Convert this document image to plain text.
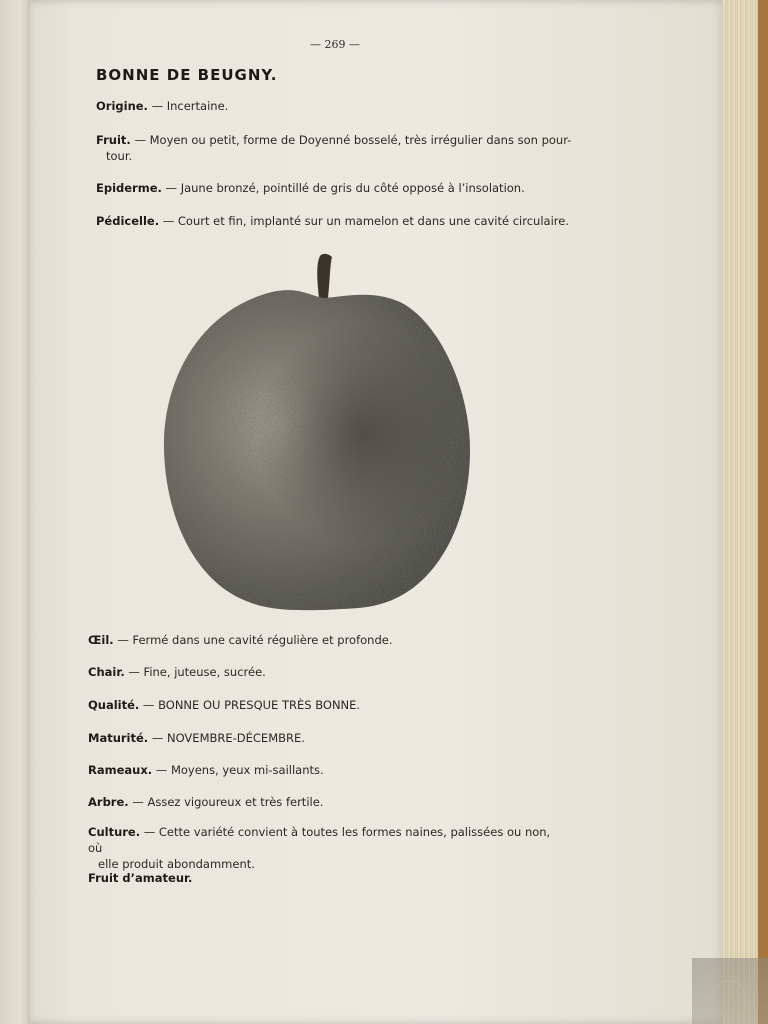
— 269 —
BONNE DE BEUGNY.
Origine. — Incertaine.
Fruit. — Moyen ou petit, forme de Doyenné bosselé, très irrégulier dans son pour-
tour.
Epiderme. — Jaune bronzé, pointillé de gris du côté opposé à l’insolation.
Pédicelle. — Court et fin, implanté sur un mamelon et dans une cavité circulaire.
Œil. — Fermé dans une cavité régulière et profonde.
Chair. — Fine, juteuse, sucrée.
Qualité. — BONNE OU PRESQUE TRÈS BONNE.
Maturité. — NOVEMBRE-DÉCEMBRE.
Rameaux. — Moyens, yeux mi-saillants.
Arbre. — Assez vigoureux et très fertile.
Culture. — Cette variété convient à toutes les formes naines, palissées ou non, où
elle produit abondamment.
Fruit d’amateur.
